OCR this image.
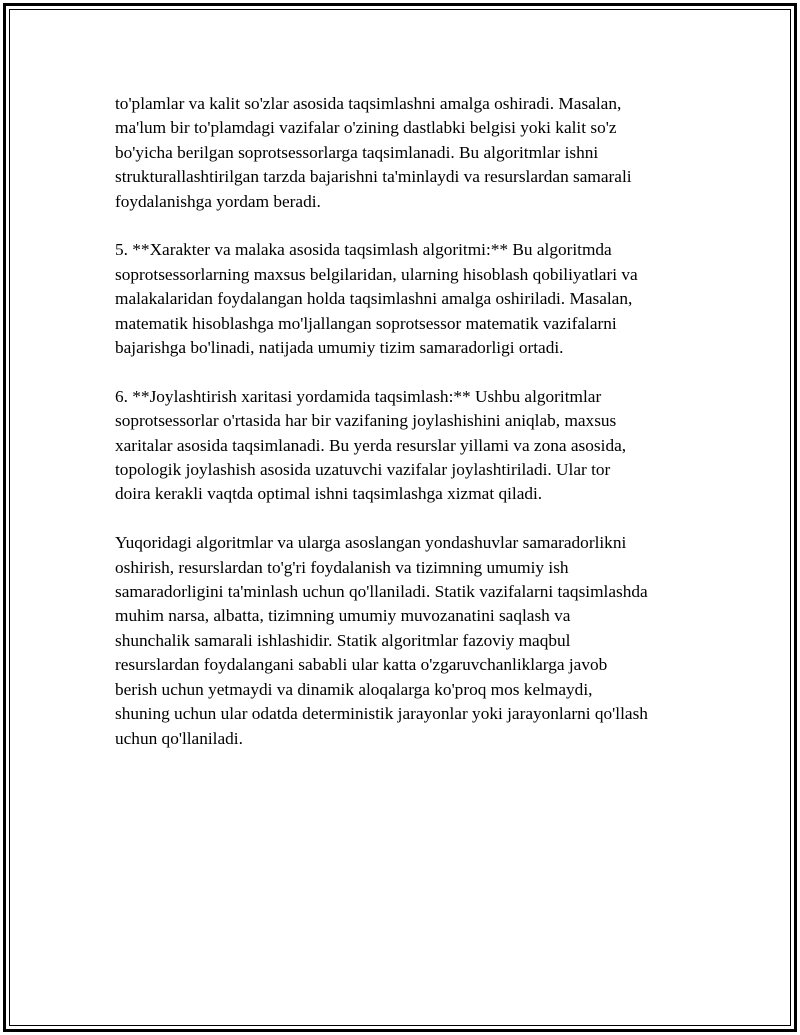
to'plamlar va kalit so'zlar asosida taqsimlashni amalga oshiradi. Masalan,
ma'lum bir to'plamdagi vazifalar o'zining dastlabki belgisi yoki kalit so'z
bo'yicha berilgan soprotsessorlarga taqsimlanadi. Bu algoritmlar ishni
strukturallashtirilgan tarzda bajarishni ta'minlaydi va resurslardan samarali
foydalanishga yordam beradi.

5. **Xarakter va malaka asosida taqsimlash algoritmi:** Bu algoritmda
soprotsessorlarning maxsus belgilaridan, ularning hisoblash qobiliyatlari va
malakalaridan foydalangan holda taqsimlashni amalga oshiriladi. Masalan,
matematik hisoblashga mo'ljallangan soprotsessor matematik vazifalarni
bajarishga bo'linadi, natijada umumiy tizim samaradorligi ortadi.

6. **Joylashtirish xaritasi yordamida taqsimlash:** Ushbu algoritmlar
soprotsessorlar o'rtasida har bir vazifaning joylashishini aniqlab, maxsus
xaritalar asosida taqsimlanadi. Bu yerda resurslar yillami va zona asosida,
topologik joylashish asosida uzatuvchi vazifalar joylashtiriladi. Ular tor
doira kerakli vaqtda optimal ishni taqsimlashga xizmat qiladi.

Yuqoridagi algoritmlar va ularga asoslangan yondashuvlar samaradorlikni
oshirish, resurslardan to'g'ri foydalanish va tizimning umumiy ish
samaradorligini ta'minlash uchun qo'llaniladi. Statik vazifalarni taqsimlashda
muhim narsa, albatta, tizimning umumiy muvozanatini saqlash va
shunchalik samarali ishlashidir. Statik algoritmlar fazoviy maqbul
resurslardan foydalangani sababli ular katta o'zgaruvchanliklarga javob
berish uchun yetmaydi va dinamik aloqalarga ko'proq mos kelmaydi,
shuning uchun ular odatda deterministik jarayonlar yoki jarayonlarni qo'llash
uchun qo'llaniladi.
